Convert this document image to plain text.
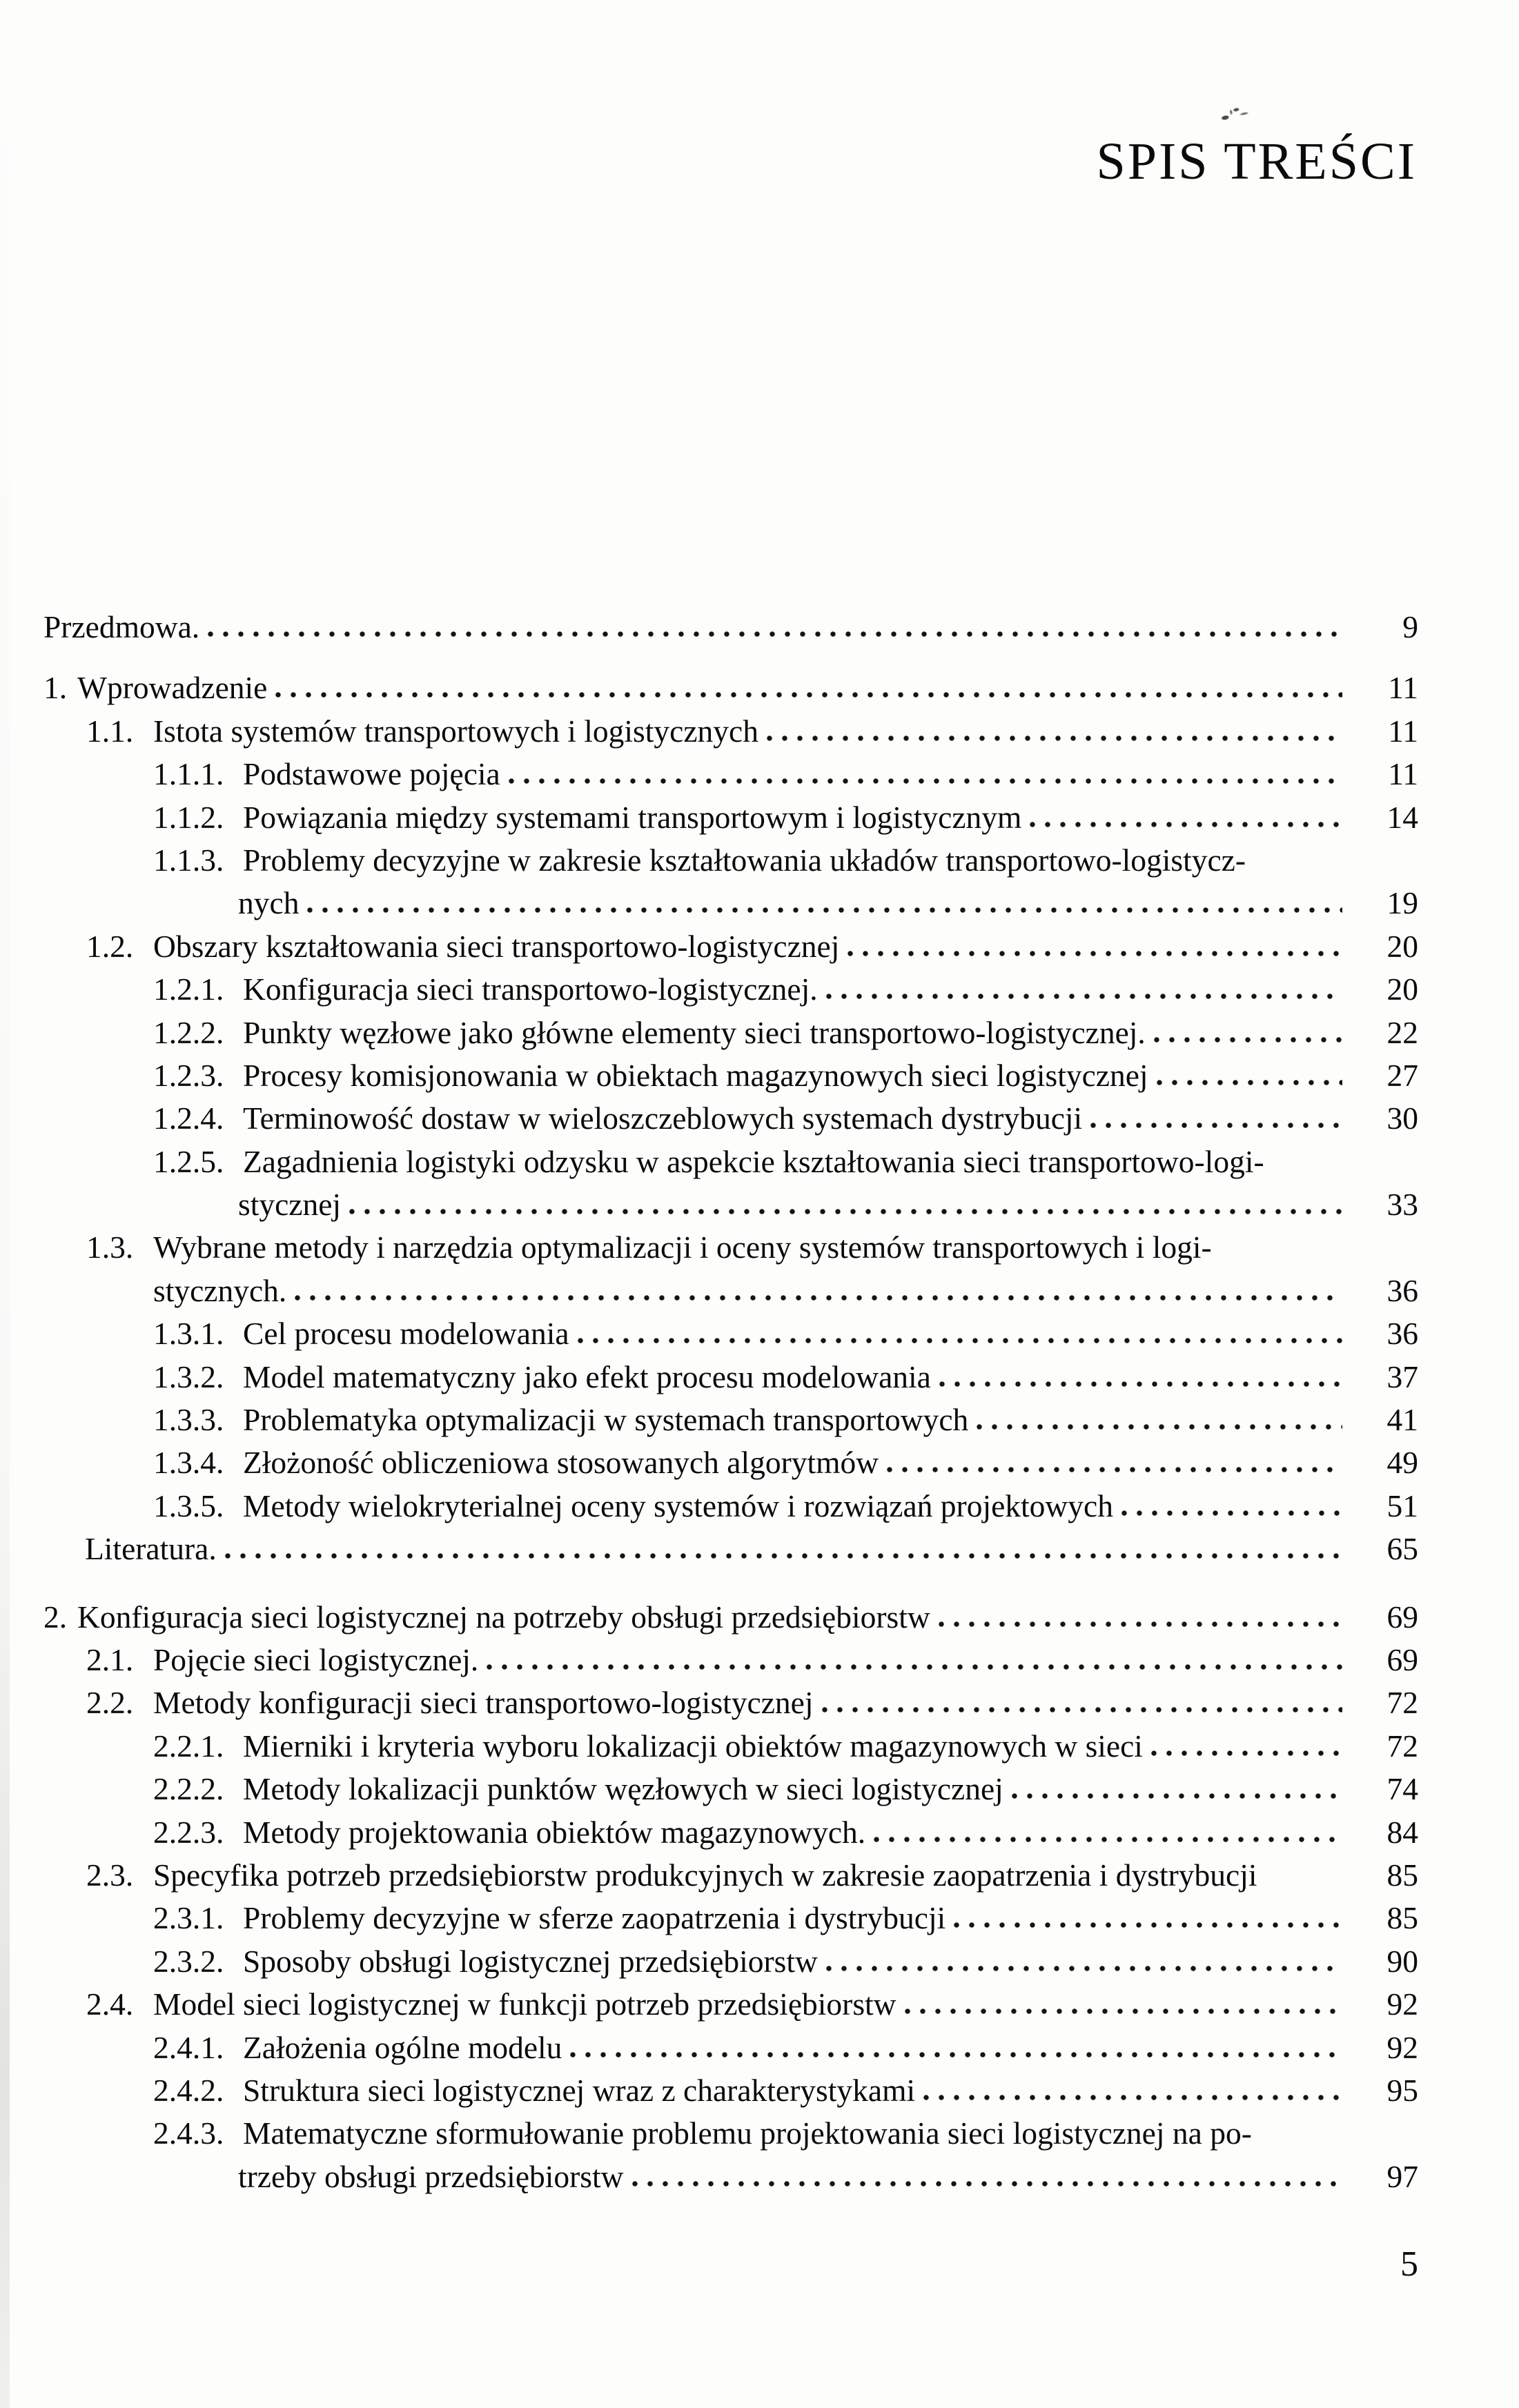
SPIS TREŚCI
Przedmowa.	9
1. Wprowadzenie	11
1.1. Istota systemów transportowych i logistycznych	11
1.1.1. Podstawowe pojęcia	11
1.1.2. Powiązania między systemami transportowym i logistycznym	14
1.1.3. Problemy decyzyjne w zakresie kształtowania układów transportowo-logistycz-
nych	19
1.2. Obszary kształtowania sieci transportowo-logistycznej	20
1.2.1. Konfiguracja sieci transportowo-logistycznej.	20
1.2.2. Punkty węzłowe jako główne elementy sieci transportowo-logistycznej.	22
1.2.3. Procesy komisjonowania w obiektach magazynowych sieci logistycznej	27
1.2.4. Terminowość dostaw w wieloszczeblowych systemach dystrybucji	30
1.2.5. Zagadnienia logistyki odzysku w aspekcie kształtowania sieci transportowo-logi-
stycznej	33
1.3. Wybrane metody i narzędzia optymalizacji i oceny systemów transportowych i logi-
stycznych.	36
1.3.1. Cel procesu modelowania	36
1.3.2. Model matematyczny jako efekt procesu modelowania	37
1.3.3. Problematyka optymalizacji w systemach transportowych	41
1.3.4. Złożoność obliczeniowa stosowanych algorytmów	49
1.3.5. Metody wielokryterialnej oceny systemów i rozwiązań projektowych	51
Literatura.	65
2. Konfiguracja sieci logistycznej na potrzeby obsługi przedsiębiorstw	69
2.1. Pojęcie sieci logistycznej.	69
2.2. Metody konfiguracji sieci transportowo-logistycznej	72
2.2.1. Mierniki i kryteria wyboru lokalizacji obiektów magazynowych w sieci	72
2.2.2. Metody lokalizacji punktów węzłowych w sieci logistycznej	74
2.2.3. Metody projektowania obiektów magazynowych.	84
2.3. Specyfika potrzeb przedsiębiorstw produkcyjnych w zakresie zaopatrzenia i dystrybucji	85
2.3.1. Problemy decyzyjne w sferze zaopatrzenia i dystrybucji	85
2.3.2. Sposoby obsługi logistycznej przedsiębiorstw	90
2.4. Model sieci logistycznej w funkcji potrzeb przedsiębiorstw	92
2.4.1. Założenia ogólne modelu	92
2.4.2. Struktura sieci logistycznej wraz z charakterystykami	95
2.4.3. Matematyczne sformułowanie problemu projektowania sieci logistycznej na po-
trzeby obsługi przedsiębiorstw	97
5
